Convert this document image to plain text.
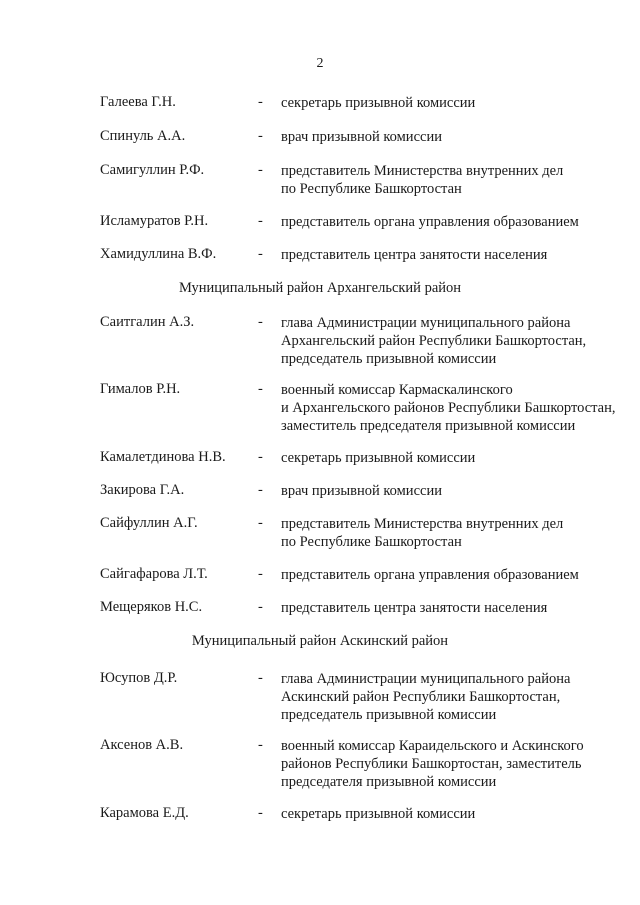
2
Галеева Г.Н.	- секретарь призывной комиссии
Спинуль А.А.	- врач призывной комиссии
Самигуллин Р.Ф.	- представитель Министерства внутренних дел
по Республике Башкортостан
Исламуратов Р.Н.	- представитель органа управления образованием
Хамидуллина В.Ф.	- представитель центра занятости населения
Муниципальный район Архангельский район
Саитгалин А.З.	- глава Администрации муниципального района
Архангельский район Республики Башкортостан,
председатель призывной комиссии
Гималов Р.Н.	- военный комиссар Кармаскалинского
и Архангельского районов Республики Башкортостан,
заместитель председателя призывной комиссии
Камалетдинова Н.В. - секретарь призывной комиссии
Закирова Г.А.	- врач призывной комиссии
Сайфуллин А.Г.	- представитель Министерства внутренних дел
по Республике Башкортостан
Сайгафарова Л.Т.	- представитель органа управления образованием
Мещеряков Н.С.	- представитель центра занятости населения
Муниципальный район Аскинский район
Юсупов Д.Р.	- глава Администрации муниципального района
Аскинский район Республики Башкортостан,
председатель призывной комиссии
Аксенов А.В.	- военный комиссар Караидельского и Аскинского
районов Республики Башкортостан, заместитель
председателя призывной комиссии
Карамова Е.Д.	- секретарь призывной комиссии
